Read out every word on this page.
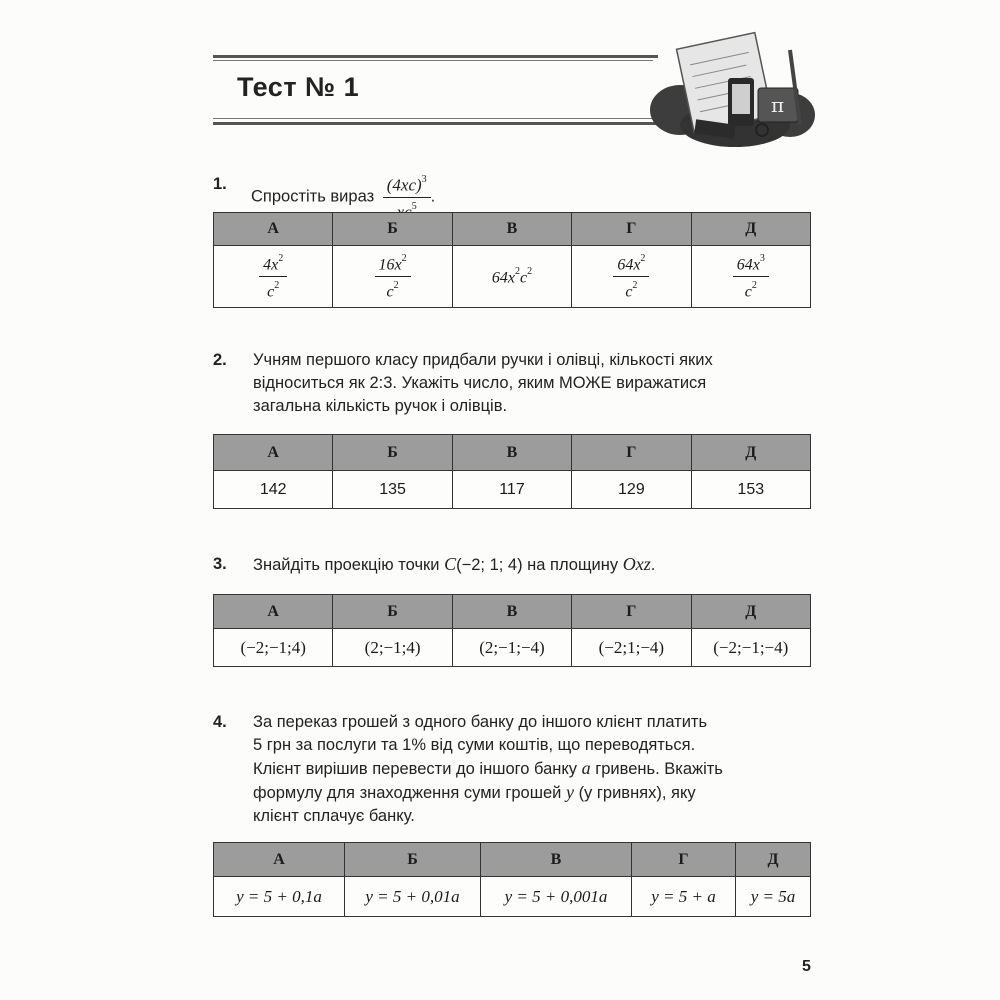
Тест № 1
π
1.
Спростіть вираз $\frac{(4xc)^3}{^5}$ .
А	Б	В	Г	Д

$\frac{4x^2}{c^2}$	$\frac{16x^2}{c^2}$	$64x^2c^2$	$\frac{64x^2}{c^2}$	$\frac{64x^3}{c^2}$
2. Учням першого класу придбали ручки і олівці, кількості яких
відноситься як 2:3. Укажіть число, яким МОЖЕ виражатися
загальна кількість ручок і олівців.
А	Б	В	Г	Д
142	135	117	129	153
3. Знайдіть проекцію точки C(−2; 1; 4) на площину Oxz.
А	Б	В	Г	Д
(−2;−1;4)	(2;−1;4)	(2;−1;−4)	(−2;1;−4)	(−2;−1;−4)
4. За переказ грошей з одного банку до іншого клієнт платить
5 грн за послуги та 1% від суми коштів, що переводяться.
Клієнт вирішив перевести до іншого банку a гривень. Вкажіть
формулу для знаходження суми грошей y (у гривнях), яку
клієнт сплачує банку.
А	Б	В	Г	Д
y = 5 + 0,1a	y = 5 + 0,01a	y = 5 + 0,001a	y = 5 + a	y = 5a
5
